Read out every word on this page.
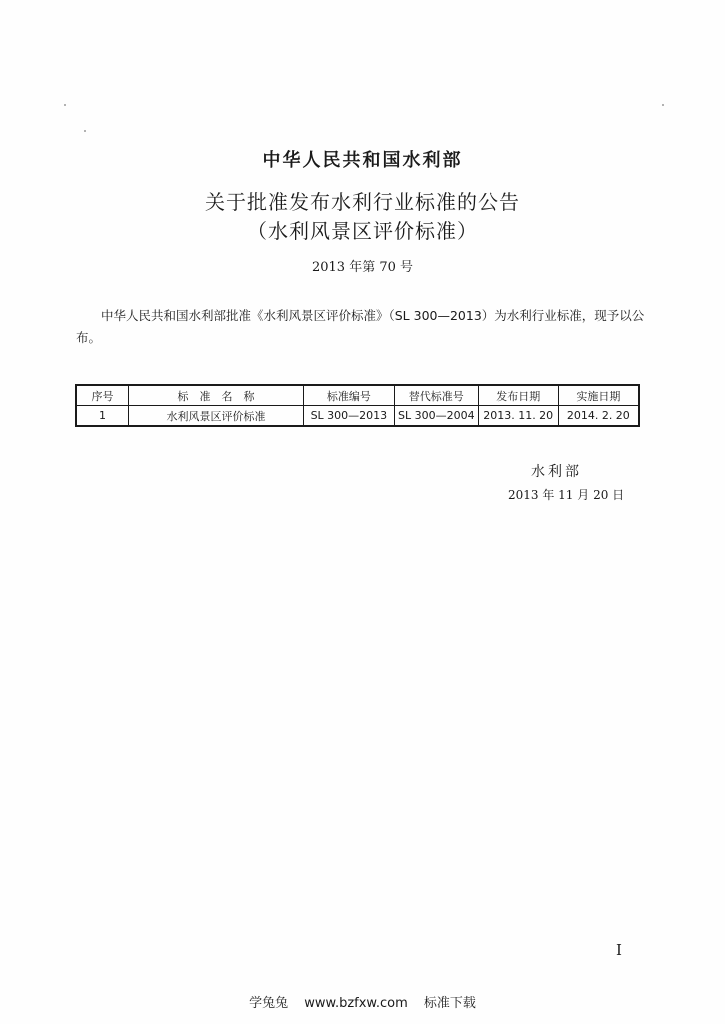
中华人民共和国水利部
关于批准发布水利行业标准的公告
（水利风景区评价标准）
2013 年第 70 号
中华人民共和国水利部批准《水利风景区评价标准》（SL 300—2013）为水利行业标准，现予以公布。
序号	标　准　名　称	标准编号	替代标准号	发布日期	实施日期
1	水利风景区评价标准	SL 300—2013	SL 300—2004	2013. 11. 20	2014. 2. 20
水利部
2013 年 11 月 20 日
I
学兔兔 www.bzfxw.com 标准下载
